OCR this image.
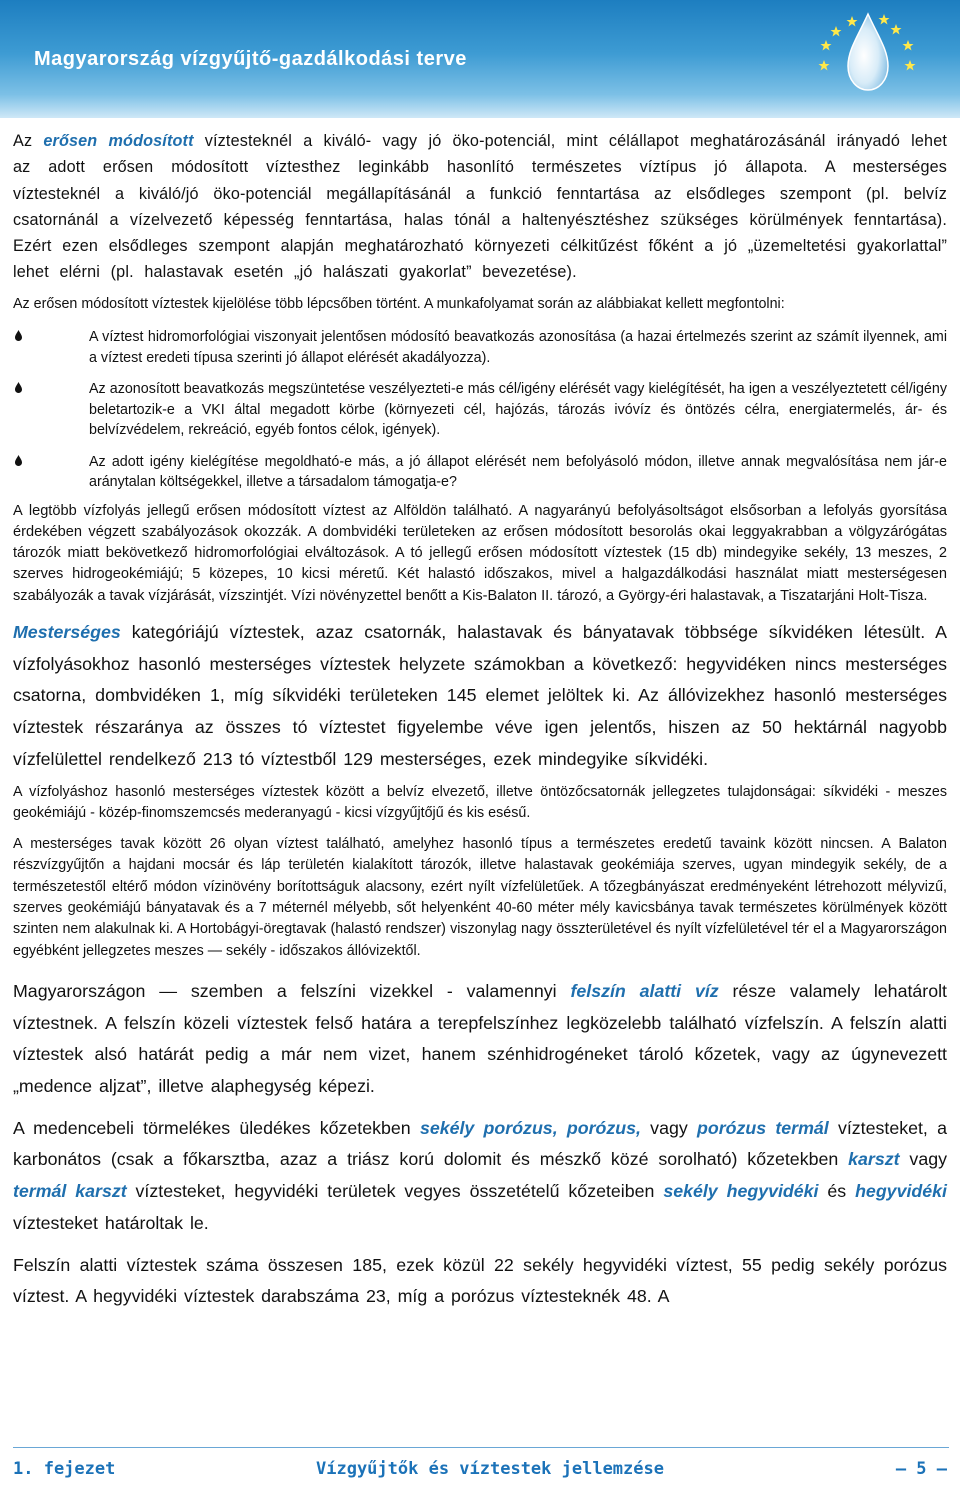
Magyarország vízgyűjtő-gazdálkodási terve

Az erősen módosított víztesteknél a kiváló- vagy jó öko-potenciál, mint célállapot meghatározásánál irányadó lehet az adott erősen módosított víztesthez leginkább hasonlító természetes víztípus jó állapota. A mesterséges víztesteknél a kiváló/jó öko-potenciál megállapításánál a funkció fenntartása az elsődleges szempont (pl. belvíz csatornánál a vízelvezető képesség fenntartása, halas tónál a haltenyésztéshez szükséges körülmények fenntartása). Ezért ezen elsődleges szempont alapján meghatározható környezeti célkitűzést főként a jó „üzemeltetési gyakorlattal” lehet elérni (pl. halastavak esetén „jó halászati gyakorlat” bevezetése).

Az erősen módosított víztestek kijelölése több lépcsőben történt. A munkafolyamat során az alábbiakat kellett megfontolni:

A víztest hidromorfológiai viszonyait jelentősen módosító beavatkozás azonosítása (a hazai értelmezés szerint az számít ilyennek, ami a víztest eredeti típusa szerinti jó állapot elérését akadályozza).
Az azonosított beavatkozás megszüntetése veszélyezteti-e más cél/igény elérését vagy kielégítését, ha igen a veszélyeztetett cél/igény beletartozik-e a VKI által megadott körbe (környezeti cél, hajózás, tározás ivóvíz és öntözés célra, energiatermelés, ár- és belvízvédelem, rekreáció, egyéb fontos célok, igények).
Az adott igény kielégítése megoldható-e más, a jó állapot elérését nem befolyásoló módon, illetve annak megvalósítása nem jár-e aránytalan költségekkel, illetve a társadalom támogatja-e?

A legtöbb vízfolyás jellegű erősen módosított víztest az Alföldön található. A nagyarányú befolyásoltságot elsősorban a lefolyás gyorsítása érdekében végzett szabályozások okozzák. A dombvidéki területeken az erősen módosított besorolás okai leggyakrabban a völgyzárógátas tározók miatt bekövetkező hidromorfológiai elváltozások. A tó jellegű erősen módosított víztestek (15 db) mindegyike sekély, 13 meszes, 2 szerves hidrogeokémiájú; 5 közepes, 10 kicsi méretű. Két halastó időszakos, mivel a halgazdálkodási használat miatt mesterségesen szabályozák a tavak vízjárását, vízszintjét. Vízi növényzettel benőtt a Kis-Balaton II. tározó, a György-éri halastavak, a Tiszatarjáni Holt-Tisza.

Mesterséges kategóriájú víztestek, azaz csatornák, halastavak és bányatavak többsége síkvidéken létesült. A vízfolyásokhoz hasonló mesterséges víztestek helyzete számokban a következő: hegyvidéken nincs mesterséges csatorna, dombvidéken 1, míg síkvidéki területeken 145 elemet jelöltek ki. Az állóvizekhez hasonló mesterséges víztestek részaránya az összes tó víztestet figyelembe véve igen jelentős, hiszen az 50 hektárnál nagyobb vízfelülettel rendelkező 213 tó víztestből 129 mesterséges, ezek mindegyike síkvidéki.

A vízfolyáshoz hasonló mesterséges víztestek között a belvíz elvezető, illetve öntözőcsatornák jellegzetes tulajdonságai: síkvidéki - meszes geokémiájú - közép-finomszemcsés mederanyagú - kicsi vízgyűjtőjű és kis esésű.

A mesterséges tavak között 26 olyan víztest található, amelyhez hasonló típus a természetes eredetű tavaink között nincsen. A Balaton részvízgyűjtőn a hajdani mocsár és láp területén kialakított tározók, illetve halastavak geokémiája szerves, ugyan mindegyik sekély, de a természetestől eltérő módon vízinövény borítottságuk alacsony, ezért nyílt vízfelületűek. A tőzegbányászat eredményeként létrehozott mélyvizű, szerves geokémiájú bányatavak és a 7 méternél mélyebb, sőt helyenként 40-60 méter mély kavicsbánya tavak természetes körülmények között szinten nem alakulnak ki. A Hortobágyi-öregtavak (halastó rendszer) viszonylag nagy összterületével és nyílt vízfelületével tér el a Magyarországon egyébként jellegzetes meszes — sekély - időszakos állóvizektől.

Magyarországon — szemben a felszíni vizekkel - valamennyi felszín alatti víz része valamely lehatárolt víztestnek. A felszín közeli víztestek felső határa a terepfelszínhez legközelebb található vízfelszín. A felszín alatti víztestek alsó határát pedig a már nem vizet, hanem szénhidrogéneket tároló kőzetek, vagy az úgynevezett „medence aljzat”, illetve alaphegység képezi.

A medencebeli törmelékes üledékes kőzetekben sekély porózus, porózus, vagy porózus termál víztesteket, a karbonátos (csak a főkarsztba, azaz a triász korú dolomit és mészkő közé sorolható) kőzetekben karszt vagy termál karszt víztesteket, hegyvidéki területek vegyes összetételű kőzeteiben sekély hegyvidéki és hegyvidéki víztesteket határoltak le.

Felszín alatti víztestek száma összesen 185, ezek közül 22 sekély hegyvidéki víztest, 55 pedig sekély porózus víztest. A hegyvidéki víztestek darabszáma 23, míg a porózus víztesteknék 48. A

1. fejezet	Vízgyűjtők és víztestek jellemzése	— 5 —
